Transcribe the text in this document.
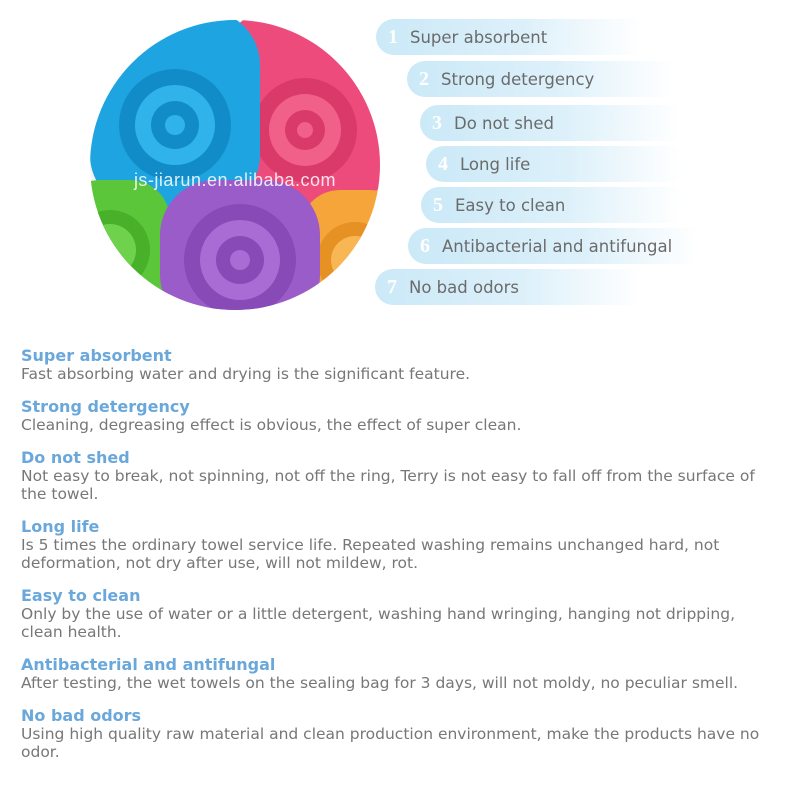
js-jiarun.en.alibaba.com
1 Super absorbent
2 Strong detergency
3 Do not shed
4 Long life
5 Easy to clean
6 Antibacterial and antifungal
7 No bad odors
Super absorbent

Fast absorbing water and drying is the significant feature.

Strong detergency

Cleaning, degreasing effect is obvious, the effect of super clean.

Do not shed

Not easy to break, not spinning, not off the ring, Terry is not easy to fall off from the surface of the towel.

Long life

Is 5 times the ordinary towel service life. Repeated washing remains unchanged hard, not deformation, not dry after use, will not mildew, rot.

Easy to clean

Only by the use of water or a little detergent, washing hand wringing, hanging not dripping, clean health.

Antibacterial and antifungal

After testing, the wet towels on the sealing bag for 3 days, will not moldy, no peculiar smell.

No bad odors

Using high quality raw material and clean production environment, make the products have no odor.
